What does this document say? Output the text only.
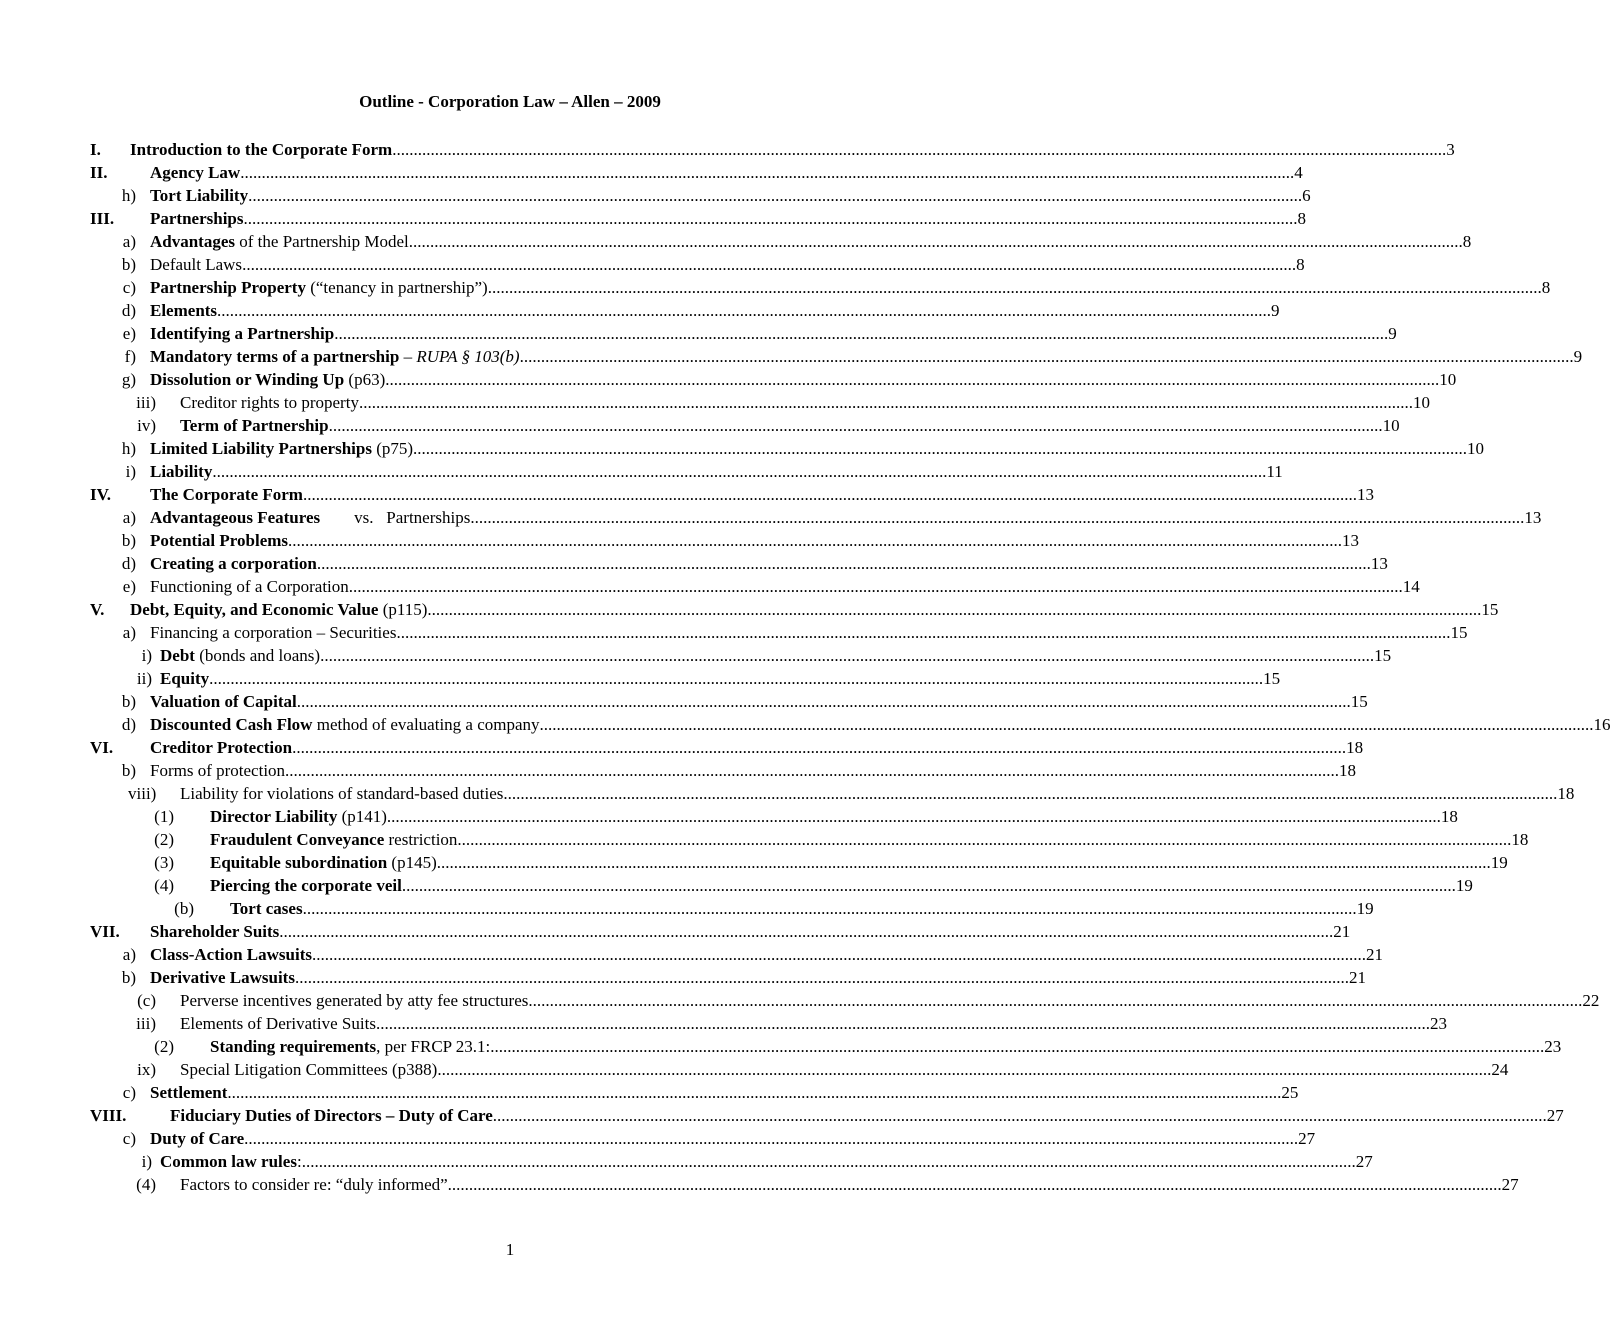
Outline - Corporation Law – Allen – 2009
I.	Introduction to the Corporate Form .....	3
II.	Agency Law .....	4
h) Tort Liability .....	6
III.	Partnerships .....	8
a) Advantages of the Partnership Model .....	8
b) Default Laws .....	8
c) Partnership Property (“tenancy in partnership”) .....	8
d) Elements .....	9
e) Identifying a Partnership .....	9
f) Mandatory terms of a partnership – RUPA § 103(b) .....	9
g) Dissolution or Winding Up (p63) .....	10
iii) Creditor rights to property .....	10
iv) Term of Partnership .....	10
h) Limited Liability Partnerships (p75) .....	10
i) Liability .....	11
IV.	The Corporate Form .....	13
a) Advantageous Features        vs.   Partnerships .....	13
b) Potential Problems .....	13
d) Creating a corporation .....	13
e) Functioning of a Corporation .....	14
V.	Debt, Equity, and Economic Value (p115) .....	15
a) Financing a corporation – Securities .....	15
i) Debt (bonds and loans) .....	15
ii) Equity .....	15
b) Valuation of Capital .....	15
d) Discounted Cash Flow method of evaluating a company .....	16
VI.	Creditor Protection .....	18
b) Forms of protection .....	18
viii) Liability for violations of standard-based duties .....	18
(1) Director Liability (p141) .....	18
(2) Fraudulent Conveyance restriction .....	18
(3) Equitable subordination (p145) .....	19
(4) Piercing the corporate veil .....	19
(b) Tort cases .....	19
VII.	Shareholder Suits .....	21
a) Class-Action Lawsuits .....	21
b) Derivative Lawsuits .....	21
(c) Perverse incentives generated by atty fee structures .....	22
iii) Elements of Derivative Suits .....	23
(2) Standing requirements, per FRCP 23.1: .....	23
ix) Special Litigation Committees (p388) .....	24
c) Settlement .....	25
VIII.	Fiduciary Duties of Directors – Duty of Care .....	27
c) Duty of Care .....	27
i) Common law rules: .....	27
(4) Factors to consider re: “duly informed” .....	27
1
